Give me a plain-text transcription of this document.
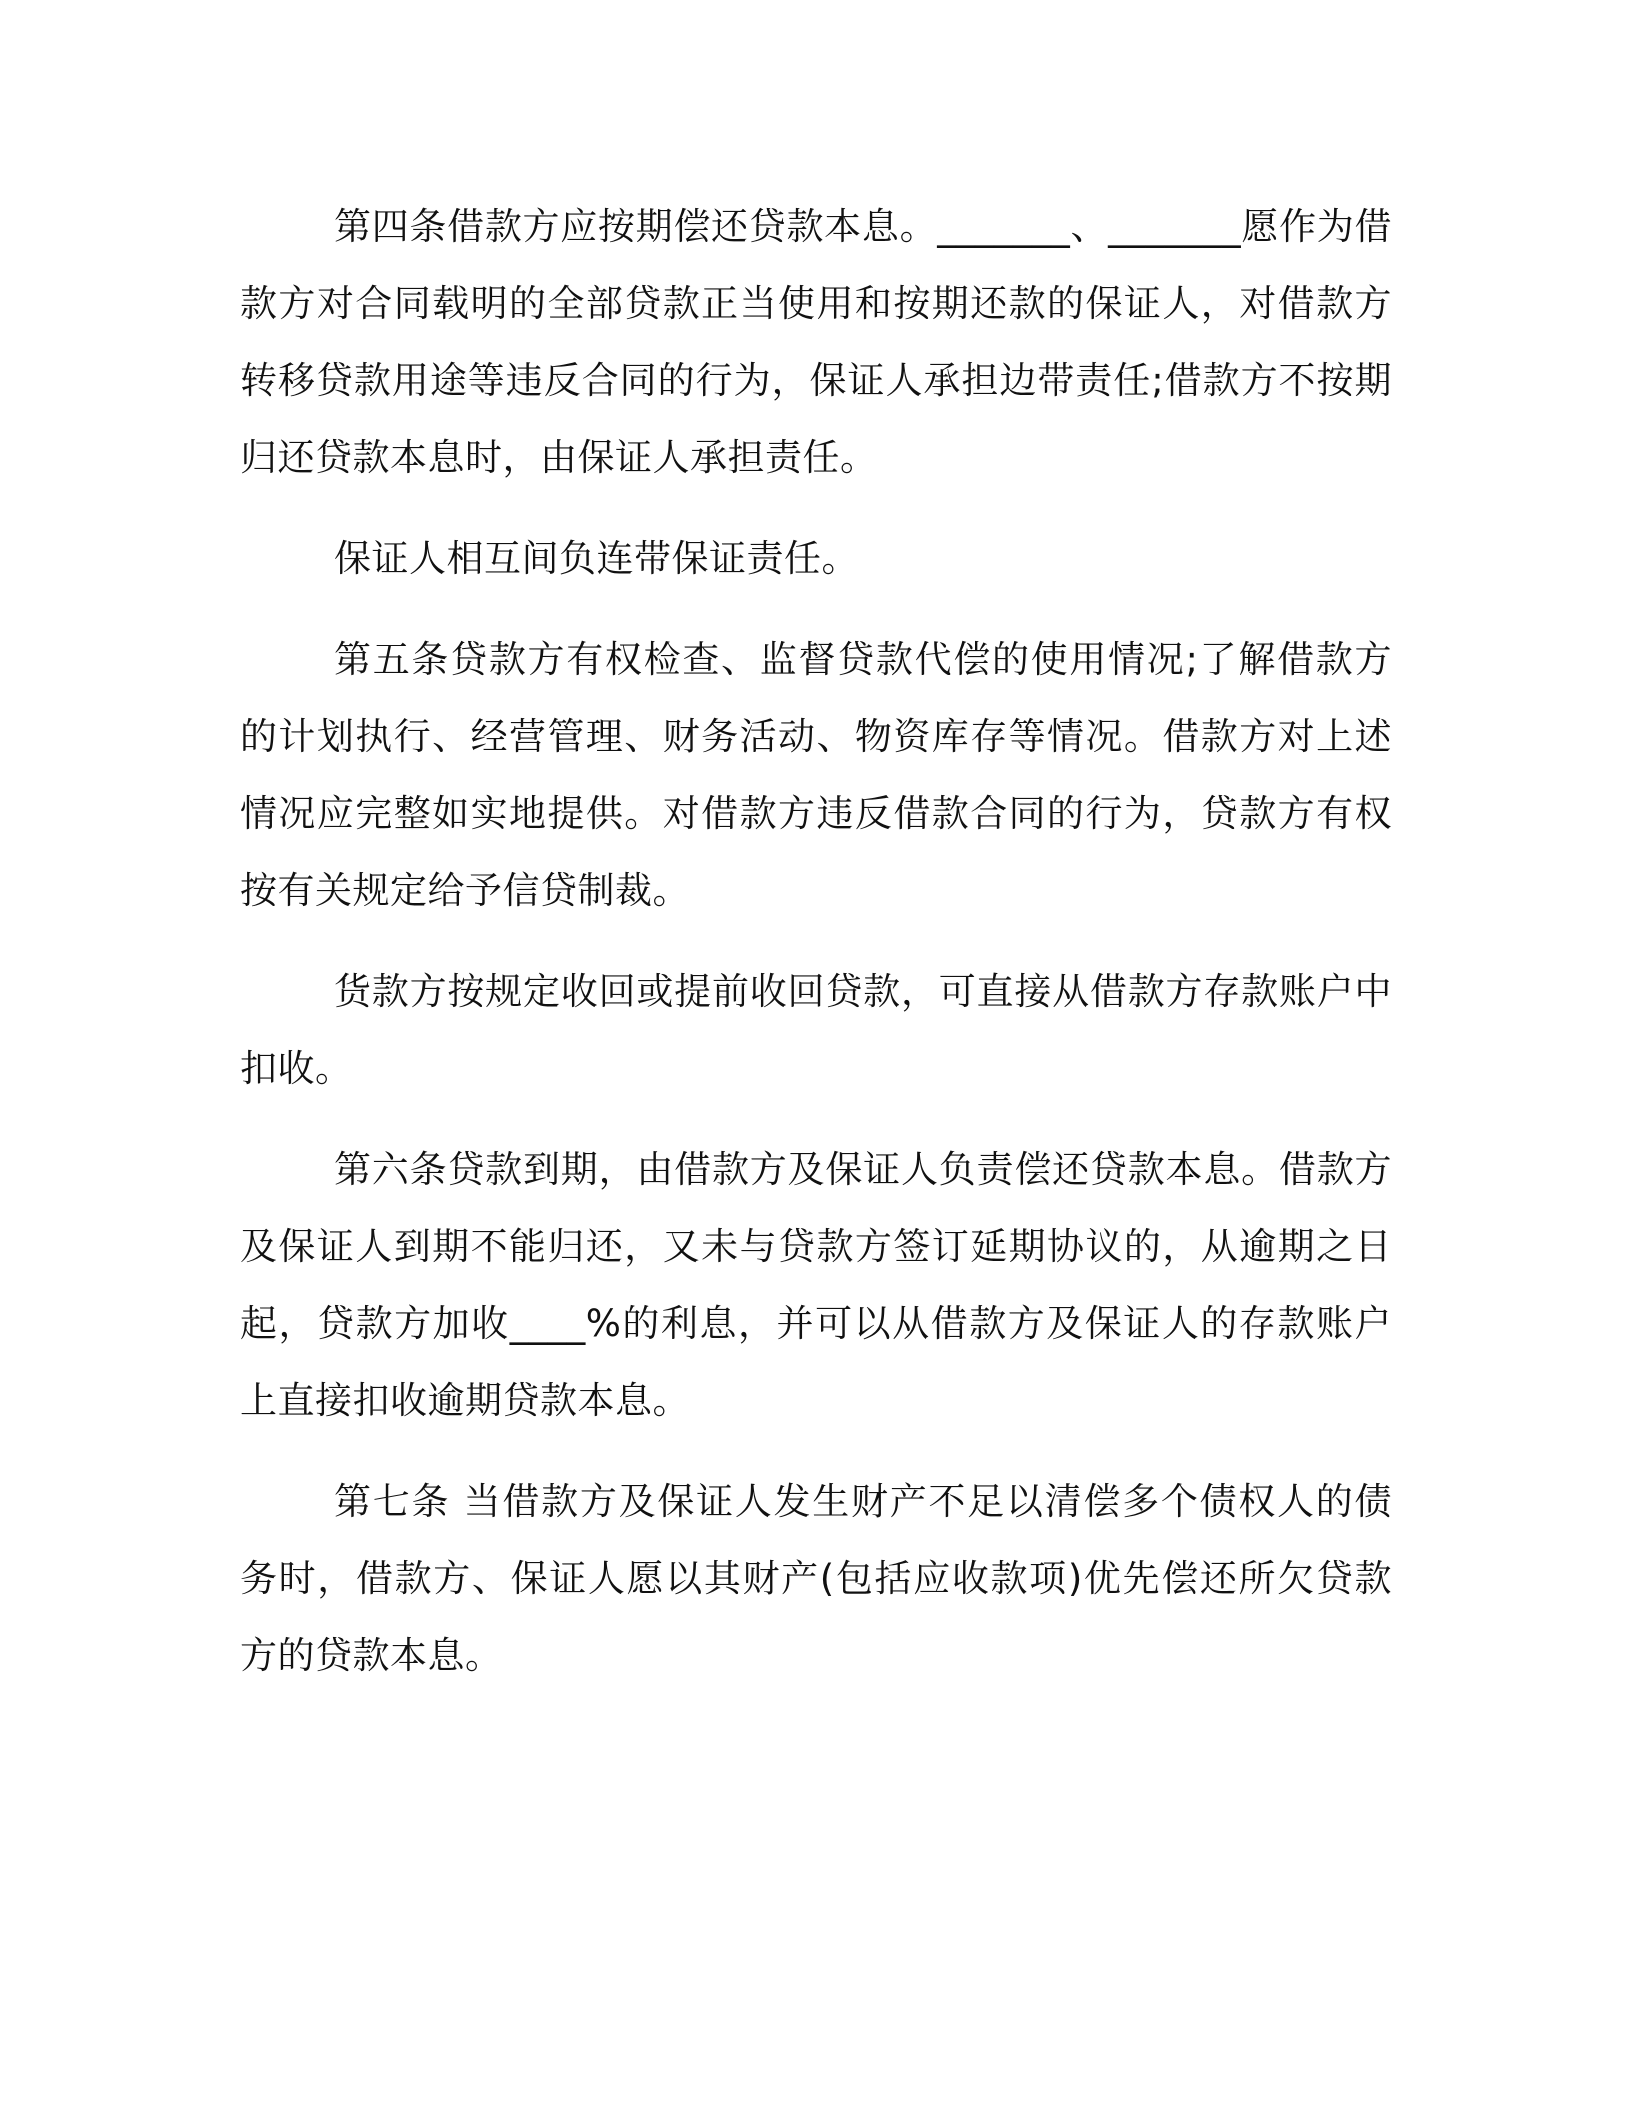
第四条借款方应按期偿还贷款本息。_______、_______愿作为借款方对合同载明的全部贷款正当使用和按期还款的保证人，对借款方转移贷款用途等违反合同的行为，保证人承担边带责任;借款方不按期归还贷款本息时，由保证人承担责任。

保证人相互间负连带保证责任。

第五条贷款方有权检查、监督贷款代偿的使用情况;了解借款方的计划执行、经营管理、财务活动、物资库存等情况。借款方对上述情况应完整如实地提供。对借款方违反借款合同的行为，贷款方有权按有关规定给予信贷制裁。

货款方按规定收回或提前收回贷款，可直接从借款方存款账户中扣收。

第六条贷款到期，由借款方及保证人负责偿还贷款本息。借款方及保证人到期不能归还，又未与贷款方签订延期协议的，从逾期之日起，贷款方加收____%的利息，并可以从借款方及保证人的存款账户上直接扣收逾期贷款本息。

第七条 当借款方及保证人发生财产不足以清偿多个债权人的债务时，借款方、保证人愿以其财产(包括应收款项)优先偿还所欠贷款方的贷款本息。
